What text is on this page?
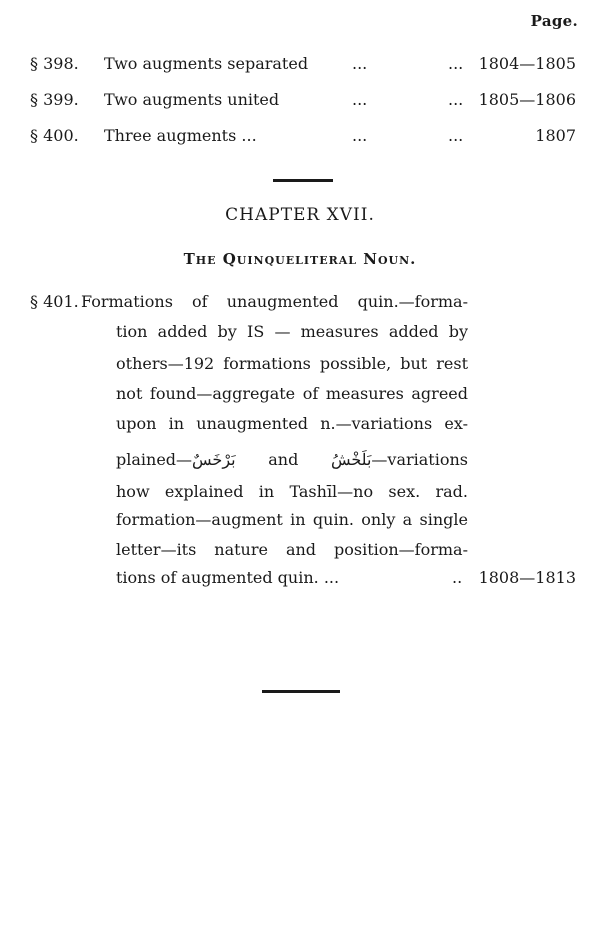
Page.
§ 398. Two augments separated	...	... 1804—1805
§ 399. Two augments united	...	... 1805—1806
§ 400. Three augments ...	...	...	1807
CHAPTER XVII.
The Quinqueliteral Noun.
§ 401. Formations of unaugmented quin.—forma-
tion added by IS — measures added by
others—192 formations possible, but rest
not found—aggregate of measures agreed
upon in unaugmented n.—variations ex-
plained—بَرْخَسٌ and بَلَخْشُ—variations
how explained in Tashīl—no sex. rad.
formation—augment in quin. only a single
letter—its nature and position—forma-
tions of augmented quin. ...	.. 1808—1813
